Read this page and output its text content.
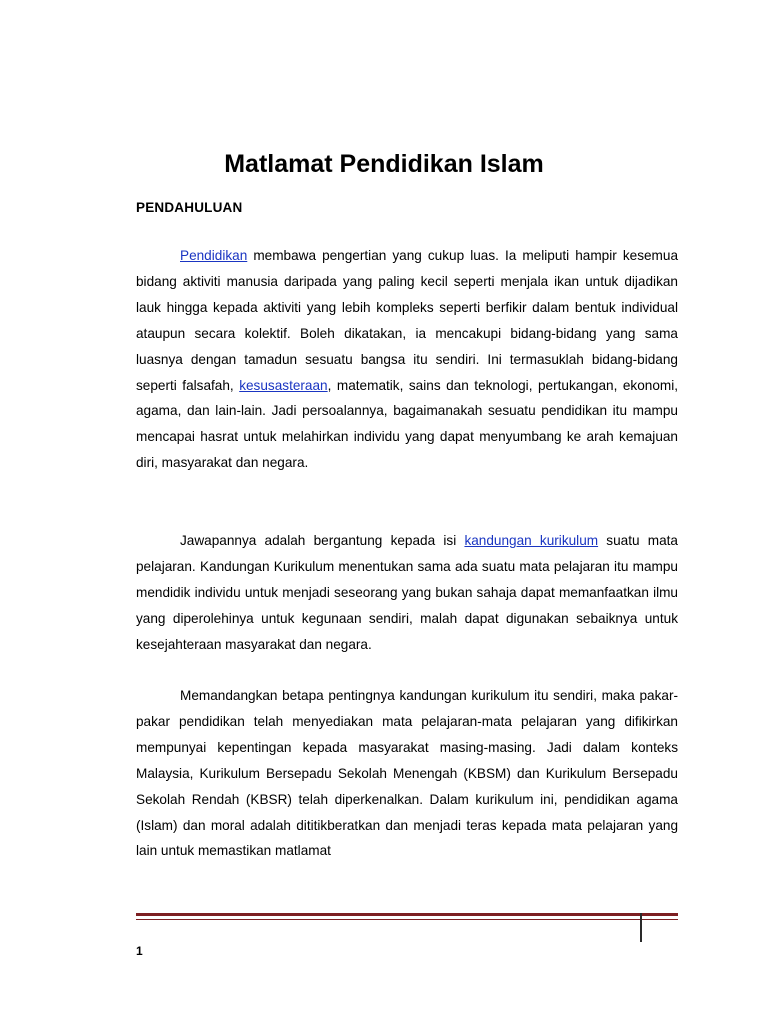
Matlamat Pendidikan Islam
PENDAHULUAN

Pendidikan membawa pengertian yang cukup luas. Ia meliputi hampir kesemua bidang aktiviti manusia daripada yang paling kecil seperti menjala ikan untuk dijadikan lauk hingga kepada aktiviti yang lebih kompleks seperti berfikir dalam bentuk individual ataupun secara kolektif. Boleh dikatakan, ia mencakupi bidang-bidang yang sama luasnya dengan tamadun sesuatu bangsa itu sendiri. Ini termasuklah bidang-bidang seperti falsafah, kesusasteraan, matematik, sains dan teknologi, pertukangan, ekonomi, agama, dan lain-lain. Jadi persoalannya, bagaimanakah sesuatu pendidikan itu mampu mencapai hasrat untuk melahirkan individu yang dapat menyumbang ke arah kemajuan diri, masyarakat dan negara.

Jawapannya adalah bergantung kepada isi kandungan kurikulum suatu mata pelajaran. Kandungan Kurikulum menentukan sama ada suatu mata pelajaran itu mampu mendidik individu untuk menjadi seseorang yang bukan sahaja dapat memanfaatkan ilmu yang diperolehinya untuk kegunaan sendiri, malah dapat digunakan sebaiknya untuk kesejahteraan masyarakat dan negara.

Memandangkan betapa pentingnya kandungan kurikulum itu sendiri, maka pakar-pakar pendidikan telah menyediakan mata pelajaran-mata pelajaran yang difikirkan mempunyai kepentingan kepada masyarakat masing-masing. Jadi dalam konteks Malaysia, Kurikulum Bersepadu Sekolah Menengah (KBSM) dan Kurikulum Bersepadu Sekolah Rendah (KBSR) telah diperkenalkan. Dalam kurikulum ini, pendidikan agama (Islam) dan moral adalah dititikberatkan dan menjadi teras kepada mata pelajaran yang lain untuk memastikan matlamat

1
